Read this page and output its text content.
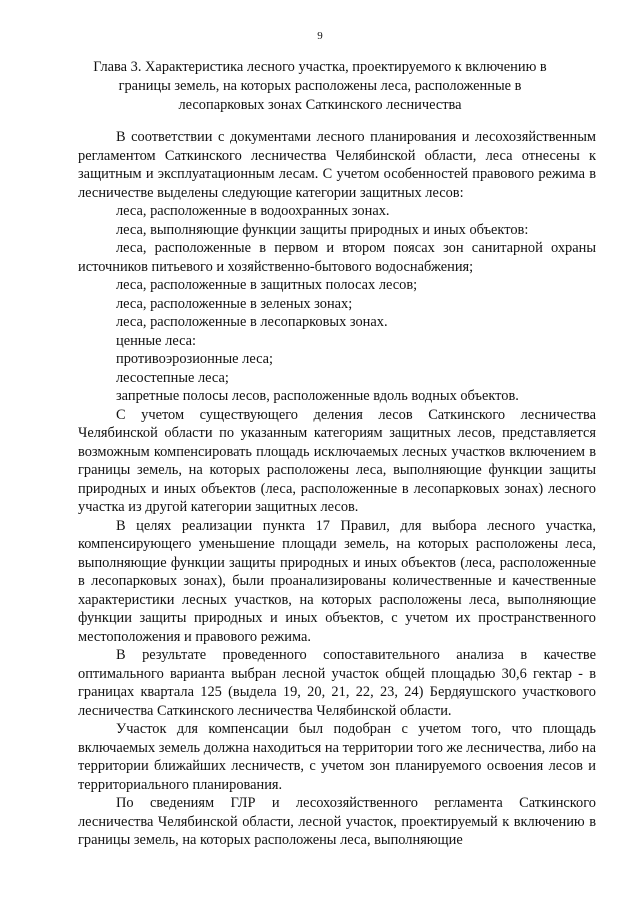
9
Глава 3. Характеристика лесного участка, проектируемого к включению в границы земель, на которых расположены леса, расположенные в лесопарковых зонах Саткинского лесничества

В соответствии с документами лесного планирования и лесохозяйственным регламентом Саткинского лесничества Челябинской области, леса отнесены к защитным и эксплуатационным лесам. С учетом особенностей правового режима в лесничестве выделены следующие категории защитных лесов:

леса, расположенные в водоохранных зонах.

леса, выполняющие функции защиты природных и иных объектов:

леса, расположенные в первом и втором поясах зон санитарной охраны источников питьевого и хозяйственно-бытового водоснабжения;

леса, расположенные в защитных полосах лесов;

леса, расположенные в зеленых зонах;

леса, расположенные в лесопарковых зонах.

ценные леса:

противоэрозионные леса;

лесостепные леса;

запретные полосы лесов, расположенные вдоль водных объектов.

С учетом существующего деления лесов Саткинского лесничества Челябинской области по указанным категориям защитных лесов, представляется возможным компенсировать площадь исключаемых лесных участков включением в границы земель, на которых расположены леса, выполняющие функции защиты природных и иных объектов (леса, расположенные в лесопарковых зонах) лесного участка из другой категории защитных лесов.

В целях реализации пункта 17 Правил, для выбора лесного участка, компенсирующего уменьшение площади земель, на которых расположены леса, выполняющие функции защиты природных и иных объектов (леса, расположенные в лесопарковых зонах), были проанализированы количественные и качественные характеристики лесных участков, на которых расположены леса, выполняющие функции защиты природных и иных объектов, с учетом их пространственного местоположения и правового режима.

В результате проведенного сопоставительного анализа в качестве оптимального варианта выбран лесной участок общей площадью 30,6 гектар - в границах квартала 125 (выдела 19, 20, 21, 22, 23, 24) Бердяушского участкового лесничества Саткинского лесничества Челябинской области.

Участок для компенсации был подобран с учетом того, что площадь включаемых земель должна находиться на территории того же лесничества, либо на территории ближайших лесничеств, с учетом зон планируемого освоения лесов и территориального планирования.

По сведениям ГЛР и лесохозяйственного регламента Саткинского лесничества Челябинской области, лесной участок, проектируемый к включению в границы земель, на которых расположены леса, выполняющие
